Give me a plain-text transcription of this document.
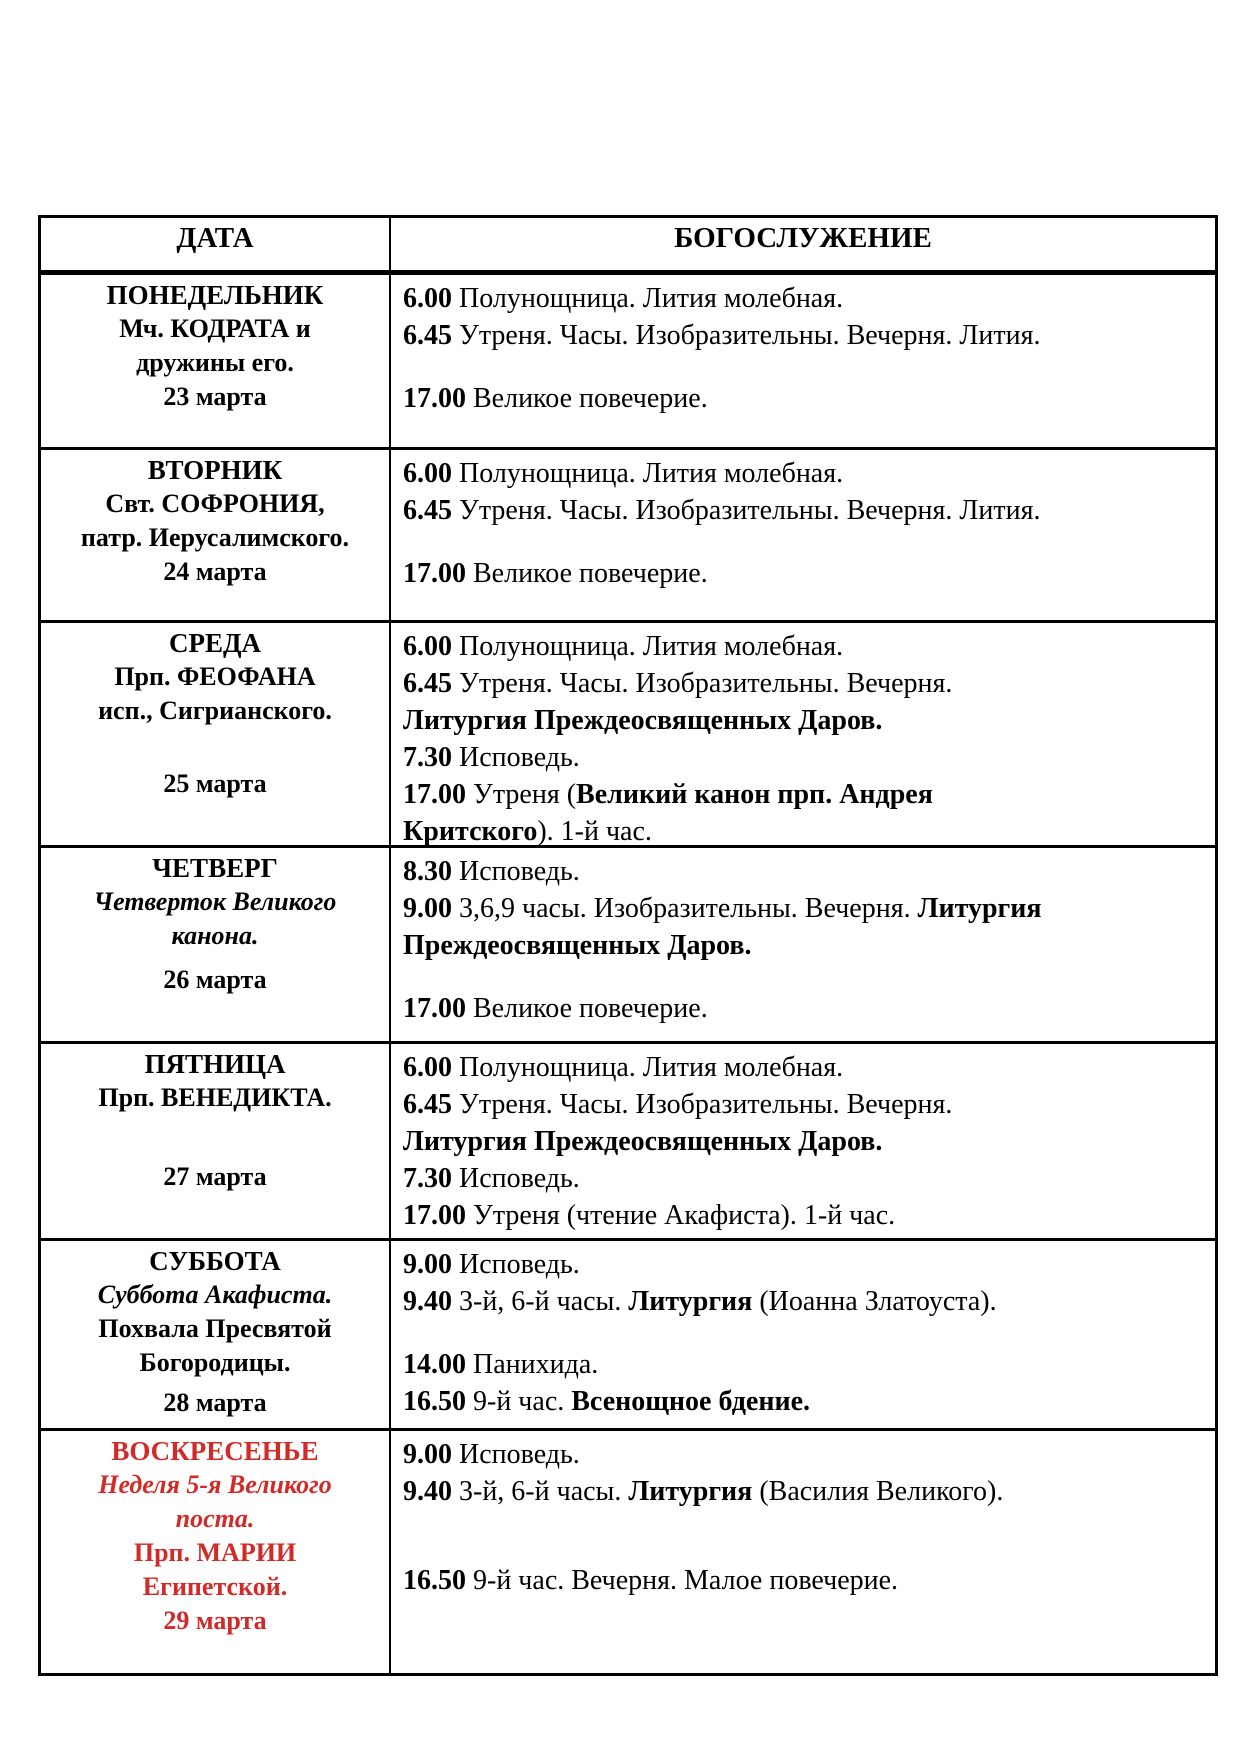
ДАТА	БОГОСЛУЖЕНИЕ
ПОНЕДЕЛЬНИК
Мч. КОДРАТА и
дружины его.
23 марта
6.00 Полунощница. Лития молебная.
6.45 Утреня. Часы. Изобразительны. Вечерня. Лития.
17.00 Великое повечерие.
ВТОРНИК
Свт. СОФРОНИЯ,
патр. Иерусалимского.
24 марта
6.00 Полунощница. Лития молебная.
6.45 Утреня. Часы. Изобразительны. Вечерня. Лития.
17.00 Великое повечерие.
СРЕДА
Прп. ФЕОФАНА
исп., Сигрианского.
25 марта
6.00 Полунощница. Лития молебная.
6.45 Утреня. Часы. Изобразительны. Вечерня.
Литургия Преждеосвященных Даров.
7.30 Исповедь.
17.00 Утреня (Великий канон прп. Андрея
Критского). 1-й час.
ЧЕТВЕРГ
Четверток Великого
канона.
26 марта
8.30 Исповедь.
9.00 3,6,9 часы. Изобразительны. Вечерня. Литургия
Преждеосвященных Даров.
17.00 Великое повечерие.
ПЯТНИЦА
Прп. ВЕНЕДИКТА.
27 марта
6.00 Полунощница. Лития молебная.
6.45 Утреня. Часы. Изобразительны. Вечерня.
Литургия Преждеосвященных Даров.
7.30 Исповедь.
17.00 Утреня (чтение Акафиста). 1-й час.
СУББОТА
Суббота Акафиста.
Похвала Пресвятой
Богородицы.
28 марта
9.00 Исповедь.
9.40 3-й, 6-й часы. Литургия (Иоанна Златоуста).
14.00 Панихида.
16.50 9-й час. Всенощное бдение.
ВОСКРЕСЕНЬЕ
Неделя 5-я Великого
поста.
Прп. МАРИИ
Египетской.
29 марта
9.00 Исповедь.
9.40 3-й, 6-й часы. Литургия (Василия Великого).
16.50 9-й час. Вечерня. Малое повечерие.
